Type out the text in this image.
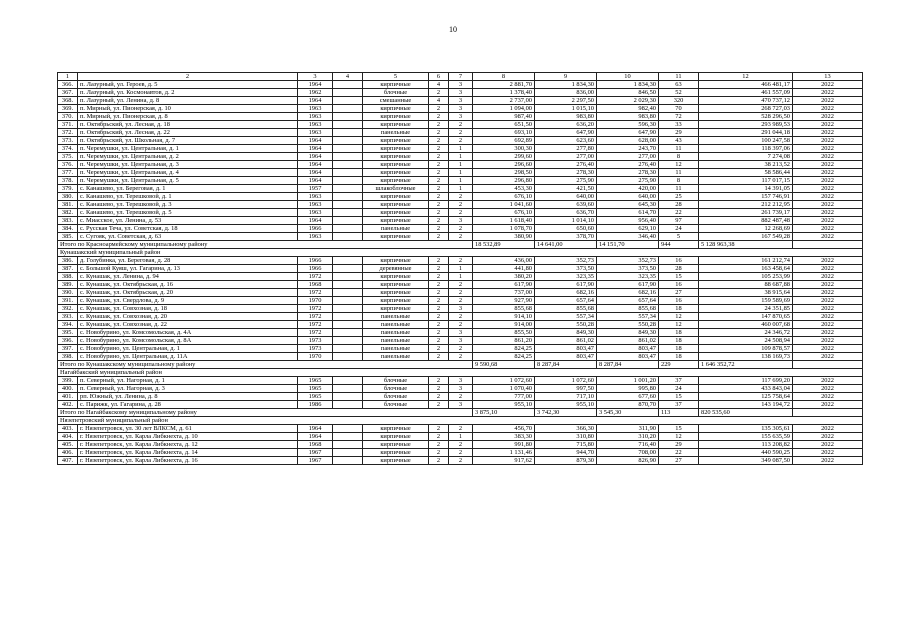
10
1	2	3	4	5	6	7	8	9	10	11	12	13
366.	п. Лазурный, ул. Героев, д. 5	1964		кирпичные	4	3	2 881,70	1 834,30	1 834,30	63	466 481,17	2022
367.	п. Лазурный, ул. Космонавтов, д. 2	1962		блочные	2	3	1 378,40	836,00	846,50	52	461 557,09	2022
368.	п. Лазурный, ул. Ленина, д. 8	1964		смешанные	4	3	2 737,00	2 297,50	2 029,30	320	470 737,12	2022
369.	п. Мирный, ул. Пионерская, д. 10	1963		кирпичные	2	3	1 094,00	1 015,10	982,40	70	268 727,03	2022
370.	п. Мирный, ул. Пионерская, д. 8	1963		кирпичные	2	3	987,40	983,80	983,80	72	528 296,50	2022
371.	п. Октябрьский, ул. Лесная, д. 18	1963		кирпичные	2	2	651,50	636,20	596,30	33	293 989,53	2022
372.	п. Октябрьский, ул. Лесная, д. 22	1963		панельные	2	2	693,10	647,90	647,90	29	291 044,18	2022
373.	п. Октябрьский, ул. Школьная, д. 7	1964		кирпичные	2	2	692,89	623,60	628,00	43	100 247,58	2022
374.	п. Черемушки, ул. Центральная, д. 1	1964		кирпичные	2	1	300,30	277,80	243,70	11	118 397,06	2022
375.	п. Черемушки, ул. Центральная, д. 2	1964		кирпичные	2	1	299,60	277,00	277,00	8	7 274,08	2022
376.	п. Черемушки, ул. Центральная, д. 3	1964		кирпичные	2	1	296,60	276,40	276,40	12	38 213,52	2022
377.	п. Черемушки, ул. Центральная, д. 4	1964		кирпичные	2	1	298,50	278,30	278,30	11	58 586,44	2022
378.	п. Черемушки, ул. Центральная, д. 5	1964		кирпичные	2	1	296,80	275,90	275,90	8	117 017,15	2022
379.	с. Канашево, ул. Береговая, д. 1	1957		шлакоблочные	2	1	453,30	421,50	420,00	11	14 391,05	2022
380.	с. Канашево, ул. Терешковой, д. 1	1963		кирпичные	2	2	676,10	640,00	640,00	25	157 746,91	2022
381.	с. Канашево, ул. Терешковой, д. 3	1963		кирпичные	2	2	1 041,60	639,60	645,30	28	212 212,95	2022
382.	с. Канашево, ул. Терешковой, д. 5	1963		кирпичные	2	2	676,10	636,70	614,70	22	261 739,17	2022
383.	с. Миасское, ул. Ленина, д. 53	1964		кирпичные	2	3	1 618,40	1 014,10	956,40	97	882 487,48	2022
384.	с. Русская Теча, ул. Советская, д. 18	1966		панельные	2	2	1 078,70	650,60	629,10	24	12 268,69	2022
385.	с. Сугояк, ул. Советская, д. 63	1963		кирпичные	2	2	380,90	378,70	346,40	5	167 549,28	2022
Итого по Красноармейскому муниципальному району							18 532,89	14 641,00	14 151,70	944	5 128 963,38	
Кунашакский муниципальный район												
386.	д. Голубинка, ул. Береговая, д. 28	1966		кирпичные	2	2	436,00	352,73	352,73	16	161 212,74	2022
387.	с. Большой Куяш, ул. Гагарина, д. 13	1966		деревянные	2	1	441,80	373,50	373,50	28	163 458,64	2022
388.	с. Кунашак, ул. Ленина, д. 94	1972		кирпичные	2	1	380,20	323,35	323,35	15	105 253,99	2022
389.	с. Кунашак, ул. Октябрьская, д. 16	1968		кирпичные	2	2	617,90	617,90	617,90	16	88 687,88	2022
390.	с. Кунашак, ул. Октябрьская, д. 20	1972		кирпичные	2	2	737,00	682,16	682,16	27	38 915,64	2022
391.	с. Кунашак, ул. Свердлова, д. 9	1970		кирпичные	2	2	927,90	657,64	657,64	16	159 589,69	2022
392.	с. Кунашак, ул. Совхозная, д. 18	1972		кирпичные	2	3	855,68	855,68	855,68	18	24 351,85	2022
393.	с. Кунашак, ул. Совхозная, д. 20	1972		панельные	2	2	914,10	557,34	557,34	12	147 870,65	2022
394.	с. Кунашак, ул. Совхозная, д. 22	1972		панельные	2	2	914,00	550,28	550,28	12	460 007,68	2022
395.	с. Новобурино, ул. Комсомольская, д. 4А	1972		панельные	2	3	855,50	849,30	849,30	18	24 346,72	2022
396.	с. Новобурино, ул. Комсомольская, д. 8А	1973		панельные	2	3	861,20	861,02	861,02	18	24 508,94	2022
397.	с. Новобурино, ул. Центральная, д. 1	1973		панельные	2	2	824,25	803,47	803,47	18	109 878,57	2022
398.	с. Новобурино, ул. Центральная, д. 11А	1970		панельные	2	2	824,25	803,47	803,47	18	138 169,73	2022
Итого по Кунашакскому муниципальному району							9 590,68	8 287,84	8 287,84	229	1 646 352,72	
Нагайбакский муниципальный район												
399.	п. Северный, ул. Нагорная, д. 1	1965		блочные	2	3	1 072,60	1 072,60	1 001,20	37	117 699,20	2022
400.	п. Северный, ул. Нагорная, д. 3	1965		блочные	2	3	1 070,40	997,50	995,80	24	433 843,04	2022
401.	рп. Южный, ул. Ленина, д. 8	1965		блочные	2	2	777,00	717,10	677,60	15	125 758,64	2022
402.	с. Парижк, ул. Гагарина, д. 28	1986		блочные	2	3	955,10	955,10	870,70	37	143 194,72	2022
Итого по Нагайбакскому муниципальному району							3 875,10	3 742,30	3 545,30	113	820 535,60	
Нязепетровский муниципальный район												
403.	г. Нязепетровск, ул. 30 лет ВЛКСМ, д. 61	1964		кирпичные	2	2	456,70	366,30	311,90	15	135 305,61	2022
404.	г. Нязепетровск, ул. Карла Либкнехта, д. 10	1964		кирпичные	2	1	383,30	310,80	310,20	12	155 635,59	2022
405.	г. Нязепетровск, ул. Карла Либкнехта, д. 12	1968		кирпичные	2	2	991,80	715,80	716,40	29	113 208,82	2022
406.	г. Нязепетровск, ул. Карла Либкнехта, д. 14	1967		кирпичные	2	2	1 131,46	944,70	708,00	22	440 590,25	2022
407.	г. Нязепетровск, ул. Карла Либкнехта, д. 16	1967		кирпичные	2	2	917,62	879,30	826,90	27	349 087,50	2022
